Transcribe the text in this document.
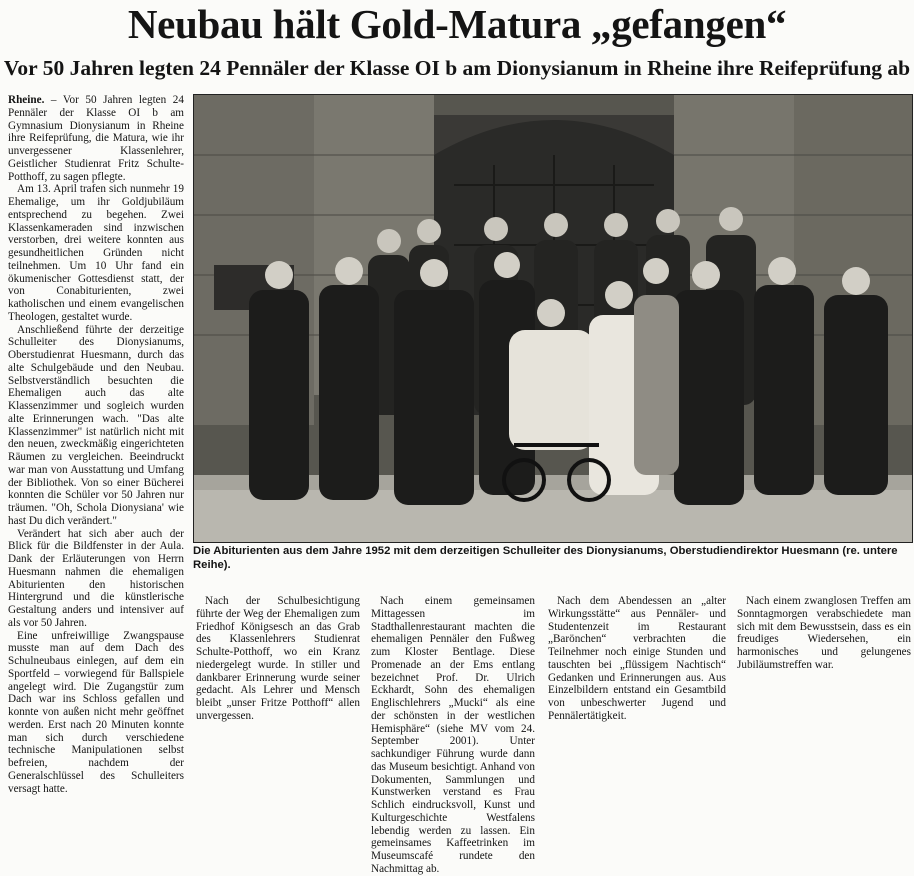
Neubau hält Gold-Matura „gefangen“
Vor 50 Jahren legten 24 Pennäler der Klasse OI b am Dionysianum in Rheine ihre Reifeprüfung ab

Rheine. – Vor 50 Jahren legten 24 Pennäler der Klasse OI b am Gymnasium Dionysianum in Rheine ihre Reifeprüfung, die Matura, wie ihr unvergessener Klassenlehrer, Geistlicher Studienrat Fritz Schulte-Potthoff, zu sagen pflegte.

Am 13. April trafen sich nunmehr 19 Ehemalige, um ihr Goldjubiläum entsprechend zu begehen. Zwei Klassenkameraden sind inzwischen verstorben, drei weitere konnten aus gesundheitlichen Gründen nicht teilnehmen. Um 10 Uhr fand ein ökumenischer Gottesdienst statt, der von Conabiturienten, zwei katholischen und einem evangelischen Theologen, gestaltet wurde.

Anschließend führte der derzeitige Schulleiter des Dionysianums, Oberstudienrat Huesmann, durch das alte Schulgebäude und den Neubau. Selbstverständlich besuchten die Ehemaligen auch das alte Klassenzimmer und sogleich wurden alte Erinnerungen wach. "Das alte Klassenzimmer" ist natürlich nicht mit den neuen, zweckmäßig eingerichteten Räumen zu vergleichen. Beeindruckt war man von Ausstattung und Umfang der Bibliothek. Von so einer Bücherei konnten die Schüler vor 50 Jahren nur träumen. "Oh, Schola Dionysiana' wie hast Du dich verändert."

Verändert hat sich aber auch der Blick für die Bildfenster in der Aula. Dank der Erläuterungen von Herrn Huesmann nahmen die ehemaligen Abiturienten den historischen Hintergrund und die künstlerische Gestaltung anders und intensiver auf als vor 50 Jahren.

Eine unfreiwillige Zwangspause musste man auf dem Dach des Schulneubaus einlegen, auf dem ein Sportfeld – vorwiegend für Ballspiele angelegt wird. Die Zugangstür zum Dach war ins Schloss gefallen und konnte von außen nicht mehr geöffnet werden. Erst nach 20 Minuten konnte man sich durch verschiedene technische Manipulationen selbst befreien, nachdem der Generalschlüssel des Schulleiters versagt hatte.

Die Abiturienten aus dem Jahre 1952 mit dem derzeitigen Schulleiter des Dionysianums, Oberstudiendirektor Huesmann (re. untere Reihe).

Nach der Schulbesichtigung führte der Weg der Ehemaligen zum Friedhof Königsesch an das Grab des Klassenlehrers Studienrat Schulte-Potthoff, wo ein Kranz niedergelegt wurde. In stiller und dankbarer Erinnerung wurde seiner gedacht. Als Lehrer und Mensch bleibt „unser Fritze Potthoff“ allen unvergessen.

Nach einem gemeinsamen Mittagessen im Stadthallenrestaurant machten die ehemaligen Pennäler den Fußweg zum Kloster Bentlage. Diese Promenade an der Ems entlang bezeichnet Prof. Dr. Ulrich Eckhardt, Sohn des ehemaligen Englischlehrers „Mucki“ als eine der schönsten in der westlichen Hemisphäre“ (siehe MV vom 24. September 2001). Unter sachkundiger Führung wurde dann das Museum besichtigt. Anhand von Dokumenten, Sammlungen und Kunstwerken verstand es Frau Schlich eindrucksvoll, Kunst und Kulturgeschichte Westfalens lebendig werden zu lassen. Ein gemeinsames Kaffeetrinken im Museumscafé rundete den Nachmittag ab.

Nach dem Abendessen an „alter Wirkungsstätte“ aus Pennäler- und Studentenzeit im Restaurant „Barönchen“ verbrachten die Teilnehmer noch einige Stunden und tauschten bei „flüssigem Nachtisch“ Gedanken und Erinnerungen aus. Aus Einzelbildern entstand ein Gesamtbild von unbeschwerter Jugend und Pennälertätigkeit.

Nach einem zwanglosen Treffen am Sonntagmorgen verabschiedete man sich mit dem Bewusstsein, dass es ein freudiges Wiedersehen, ein harmonisches und gelungenes Jubiläumstreffen war.
